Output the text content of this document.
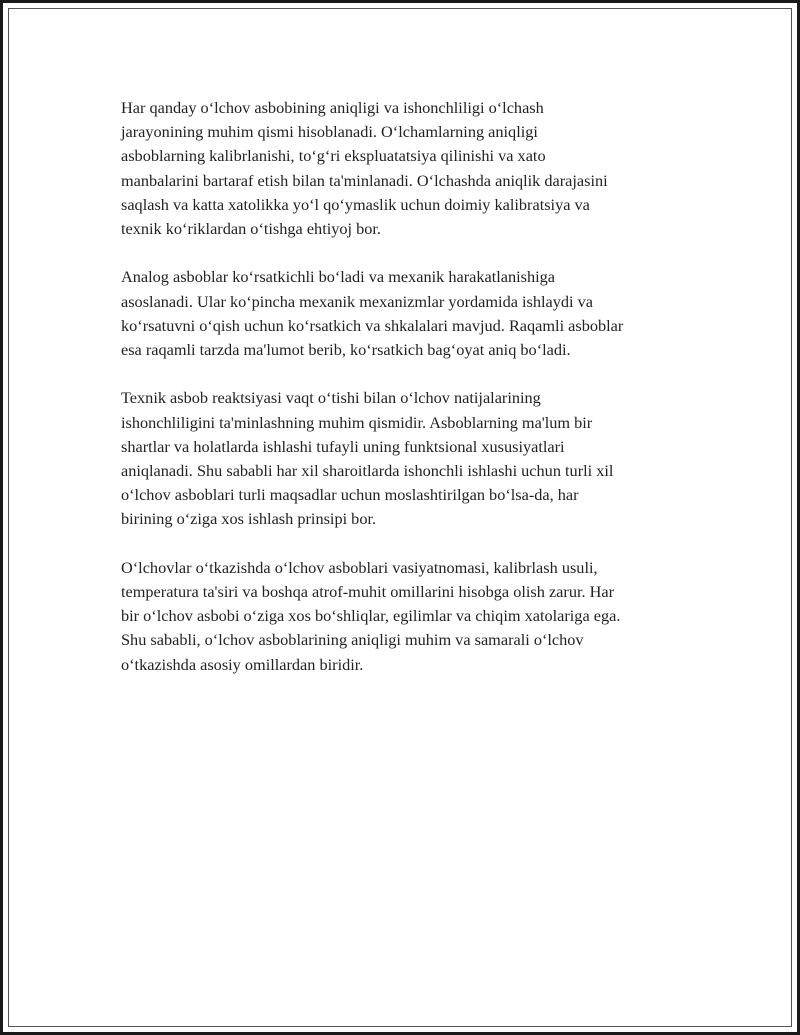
Har qanday oʻlchov asbobining aniqligi va ishonchliligi oʻlchash
jarayonining muhim qismi hisoblanadi. Oʻlchamlarning aniqligi
asboblarning kalibrlanishi, toʻgʻri ekspluatatsiya qilinishi va xato
manbalarini bartaraf etish bilan ta'minlanadi. Oʻlchashda aniqlik darajasini
saqlash va katta xatolikka yoʻl qoʻymaslik uchun doimiy kalibratsiya va
texnik koʻriklardan oʻtishga ehtiyoj bor.

Analog asboblar koʻrsatkichli boʻladi va mexanik harakatlanishiga
asoslanadi. Ular koʻpincha mexanik mexanizmlar yordamida ishlaydi va
koʻrsatuvni oʻqish uchun koʻrsatkich va shkalalari mavjud. Raqamli asboblar
esa raqamli tarzda ma'lumot berib, koʻrsatkich bagʻoyat aniq boʻladi.

Texnik asbob reaktsiyasi vaqt oʻtishi bilan oʻlchov natijalarining
ishonchliligini ta'minlashning muhim qismidir. Asboblarning ma'lum bir
shartlar va holatlarda ishlashi tufayli uning funktsional xususiyatlari
aniqlanadi. Shu sababli har xil sharoitlarda ishonchli ishlashi uchun turli xil
oʻlchov asboblari turli maqsadlar uchun moslashtirilgan boʻlsa-da, har
birining oʻziga xos ishlash prinsipi bor.

Oʻlchovlar oʻtkazishda oʻlchov asboblari vasiyatnomasi, kalibrlash usuli,
temperatura ta'siri va boshqa atrof-muhit omillarini hisobga olish zarur. Har
bir oʻlchov asbobi oʻziga xos boʻshliqlar, egilimlar va chiqim xatolariga ega.
Shu sababli, oʻlchov asboblarining aniqligi muhim va samarali oʻlchov
oʻtkazishda asosiy omillardan biridir.
